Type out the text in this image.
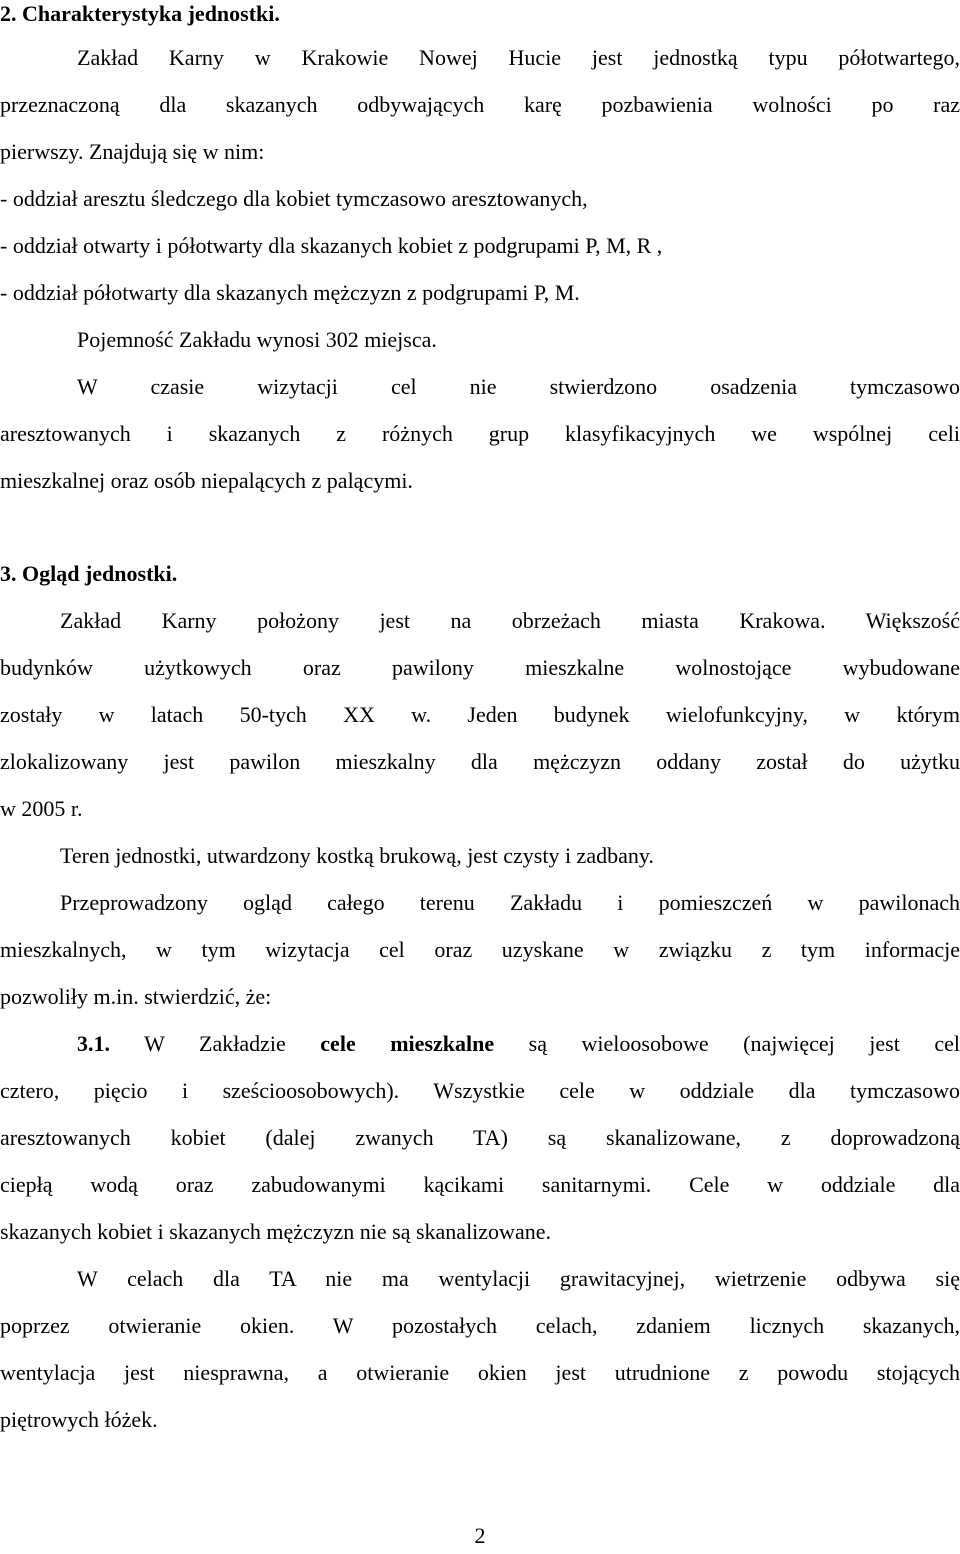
2. Charakterystyka jednostki.
Zakład Karny w Krakowie Nowej Hucie jest jednostką typu półotwartego,
przeznaczoną dla skazanych odbywających karę pozbawienia wolności po raz
pierwszy. Znajdują się w nim:
- oddział aresztu śledczego dla kobiet tymczasowo aresztowanych,
- oddział otwarty i półotwarty dla skazanych kobiet z podgrupami P, M, R ,
- oddział półotwarty dla skazanych mężczyzn z podgrupami P, M.
Pojemność Zakładu wynosi 302 miejsca.
W czasie wizytacji cel nie stwierdzono osadzenia tymczasowo
aresztowanych i skazanych z różnych grup klasyfikacyjnych we wspólnej celi
mieszkalnej oraz osób niepalących z palącymi.
3. Ogląd jednostki.
Zakład Karny położony jest na obrzeżach miasta Krakowa. Większość
budynków użytkowych oraz pawilony mieszkalne wolnostojące wybudowane
zostały w latach 50-tych XX w. Jeden budynek wielofunkcyjny, w którym
zlokalizowany jest pawilon mieszkalny dla mężczyzn oddany został do użytku
w 2005 r.
Teren jednostki, utwardzony kostką brukową, jest czysty i zadbany.
Przeprowadzony ogląd całego terenu Zakładu i pomieszczeń w pawilonach
mieszkalnych, w tym wizytacja cel oraz uzyskane w związku z tym informacje
pozwoliły m.in. stwierdzić, że:
3.1. W Zakładzie cele mieszkalne są wieloosobowe (najwięcej jest cel
cztero, pięcio i sześcioosobowych). Wszystkie cele w oddziale dla tymczasowo
aresztowanych kobiet (dalej zwanych TA) są skanalizowane, z doprowadzoną
ciepłą wodą oraz zabudowanymi kącikami sanitarnymi. Cele w oddziale dla
skazanych kobiet i skazanych mężczyzn nie są skanalizowane.
W celach dla TA nie ma wentylacji grawitacyjnej, wietrzenie odbywa się
poprzez otwieranie okien. W pozostałych celach, zdaniem licznych skazanych,
wentylacja jest niesprawna, a otwieranie okien jest utrudnione z powodu stojących
piętrowych łóżek.
2
